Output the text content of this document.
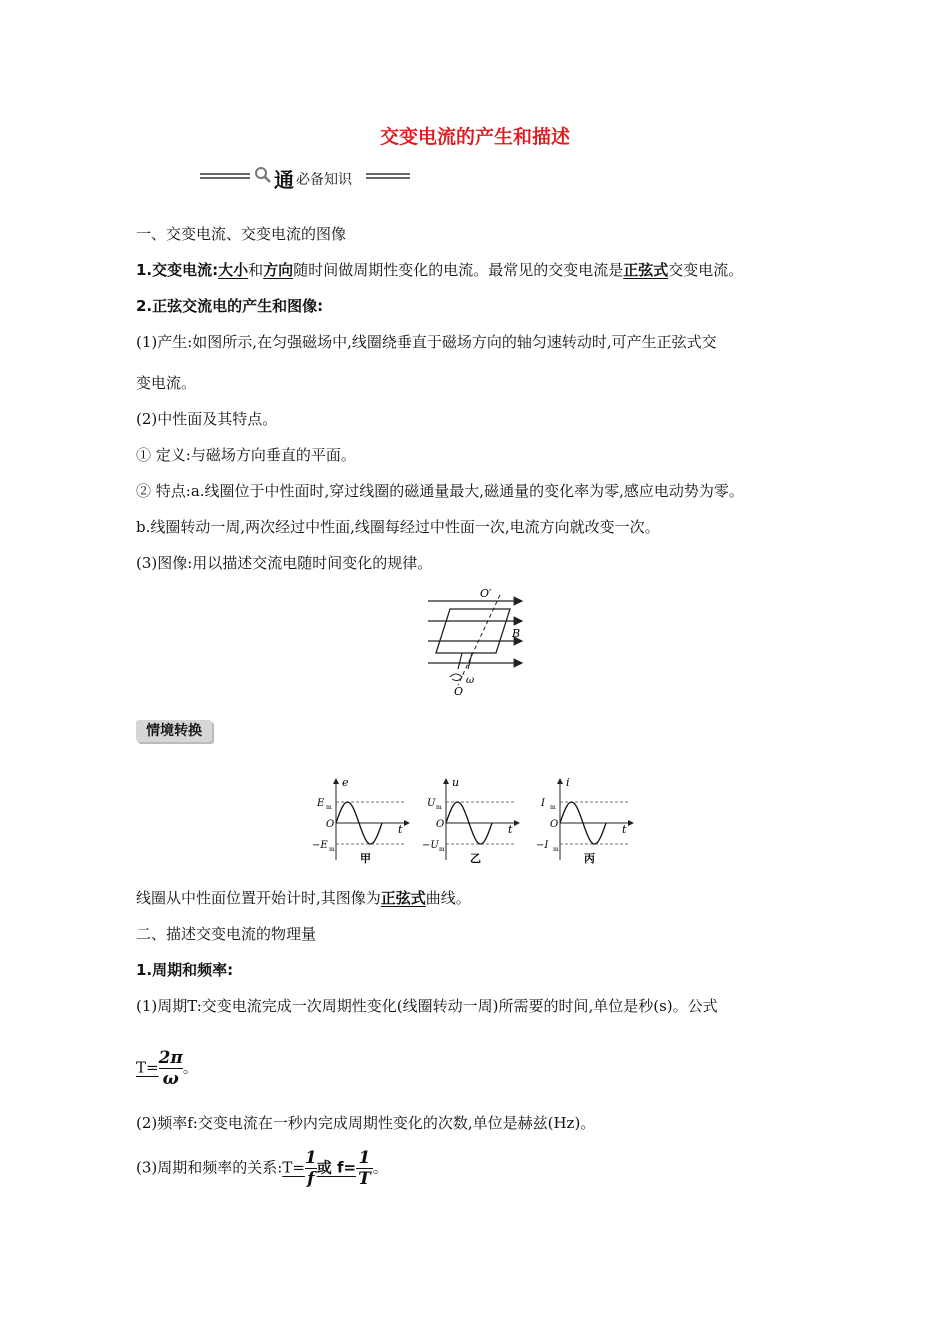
交变电流的产生和描述
通 必备知识
一、交变电流、交变电流的图像
1.交变电流:大小和方向随时间做周期性变化的电流。最常见的交变电流是正弦式交变电流。
2.正弦交流电的产生和图像:
(1)产生:如图所示,在匀强磁场中,线圈绕垂直于磁场方向的轴匀速转动时,可产生正弦式交
变电流。
(2)中性面及其特点。
① 定义:与磁场方向垂直的平面。
② 特点:a.线圈位于中性面时,穿过线圈的磁通量最大,磁通量的变化率为零,感应电动势为零。
b.线圈转动一周,两次经过中性面,线圈每经过中性面一次,电流方向就改变一次。
(3)图像:用以描述交流电随时间变化的规律。
O′
B
ω
O
情境转换
e
E m
O
−E m
t
甲
u
U m
O
−U m
t
乙
i
I m
O
−I m
t
丙
线圈从中性面位置开始计时,其图像为正弦式曲线。
二、描述交变电流的物理量
1.周期和频率:
(1)周期T:交变电流完成一次周期性变化(线圈转动一周)所需要的时间,单位是秒(s)。公式
$T= \frac{2\pi}{\omega}$ 。
(2)频率f:交变电流在一秒内完成周期性变化的次数,单位是赫兹(Hz)。
(3)周期和频率的关系:T= $\frac{1}{f}$ 或 $f= \frac{1}{T}$ 。
